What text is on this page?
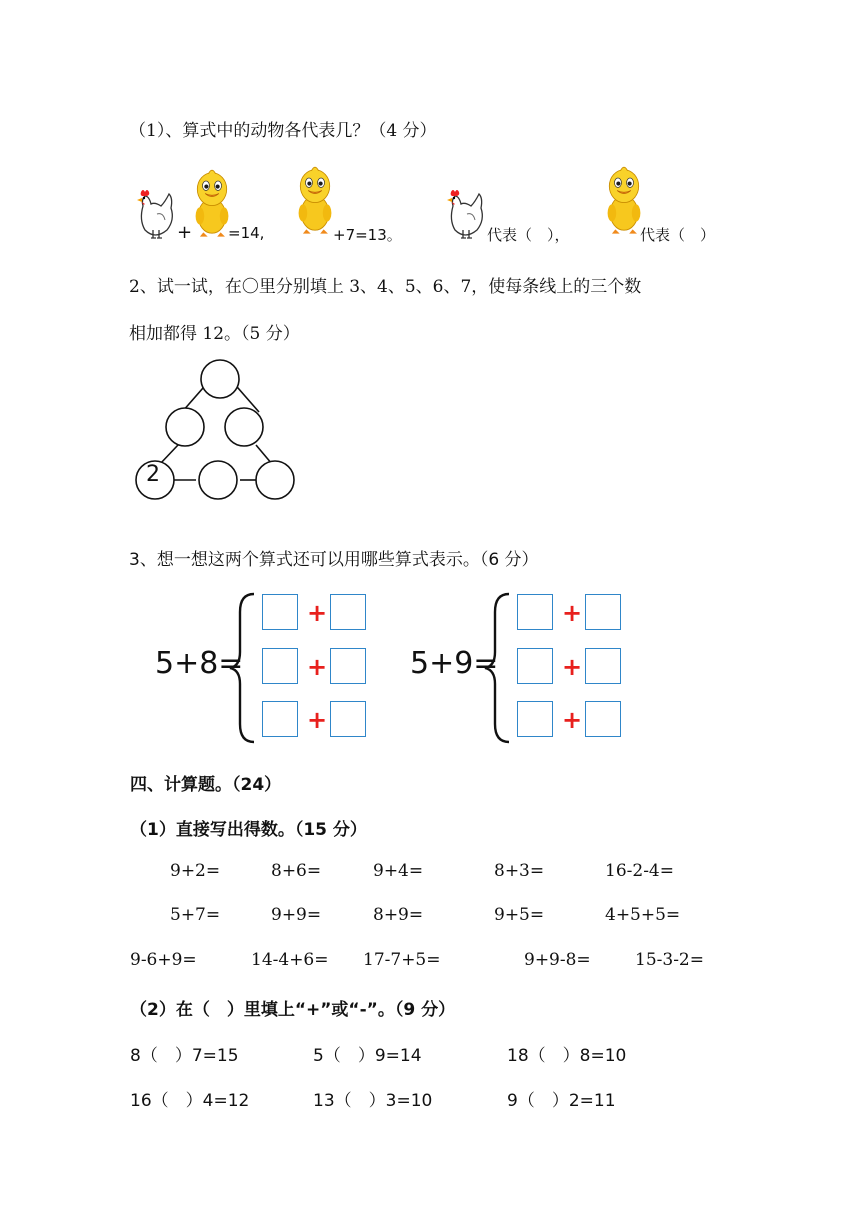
（1）、算式中的动物各代表几？（4 分）
+ =14,	+7=13。	代表（　），	代表（　）
2、试一试，在〇里分别填上 3、4、5、6、7，使每条线上的三个数
相加都得 12。（5 分）
2
3、想一想这两个算式还可以用哪些算式表示。（6 分）
5+8=
+
+
+
5+9=
+
+
+
四、计算题。（24）
（1）直接写出得数。（15 分）
9+2=	8+6=	9+4=	8+3=	16-2-4=
5+7=	9+9=	8+9=	9+5=	4+5+5=
9-6+9=	14-4+6= 17-7+5=	9+9-8=	15-3-2=
（2）在（　）里填上“+”或“-”。（9 分）
8（　）7=15	5（　）9=14	18（　）8=10
16（　）4=12	13（　）3=10	9（　）2=11
